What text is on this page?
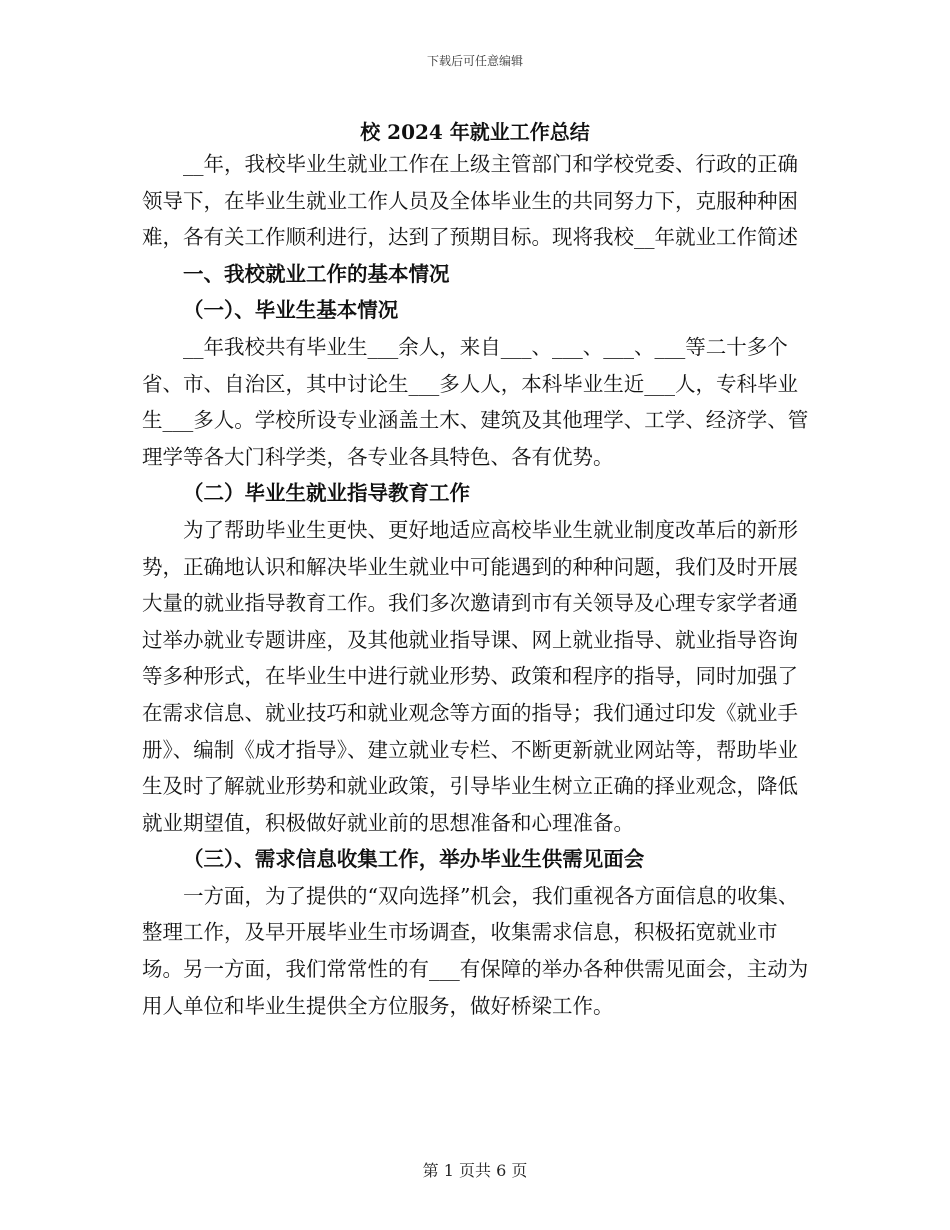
下载后可任意编辑
校 2024 年就业工作总结

__年，我校毕业生就业工作在上级主管部门和学校党委、行政的正确领导下，在毕业生就业工作人员及全体毕业生的共同努力下，克服种种困难，各有关工作顺利进行，达到了预期目标。现将我校__年就业工作简述

一、我校就业工作的基本情况

（一）、毕业生基本情况

__年我校共有毕业生___余人，来自___、___、___、___等二十多个省、市、自治区，其中讨论生___多人人，本科毕业生近___人，专科毕业生___多人。学校所设专业涵盖土木、建筑及其他理学、工学、经济学、管理学等各大门科学类，各专业各具特色、各有优势。

（二）毕业生就业指导教育工作

为了帮助毕业生更快、更好地适应高校毕业生就业制度改革后的新形势，正确地认识和解决毕业生就业中可能遇到的种种问题，我们及时开展大量的就业指导教育工作。我们多次邀请到市有关领导及心理专家学者通过举办就业专题讲座，及其他就业指导课、网上就业指导、就业指导咨询等多种形式，在毕业生中进行就业形势、政策和程序的指导，同时加强了在需求信息、就业技巧和就业观念等方面的指导；我们通过印发《就业手册》、编制《成才指导》、建立就业专栏、不断更新就业网站等，帮助毕业生及时了解就业形势和就业政策，引导毕业生树立正确的择业观念，降低就业期望值，积极做好就业前的思想准备和心理准备。

（三）、需求信息收集工作，举办毕业生供需见面会

一方面，为了提供的“双向选择”机会，我们重视各方面信息的收集、整理工作，及早开展毕业生市场调查，收集需求信息，积极拓宽就业市场。另一方面，我们常常性的有___有保障的举办各种供需见面会，主动为用人单位和毕业生提供全方位服务，做好桥梁工作。

第 1 页共 6 页
